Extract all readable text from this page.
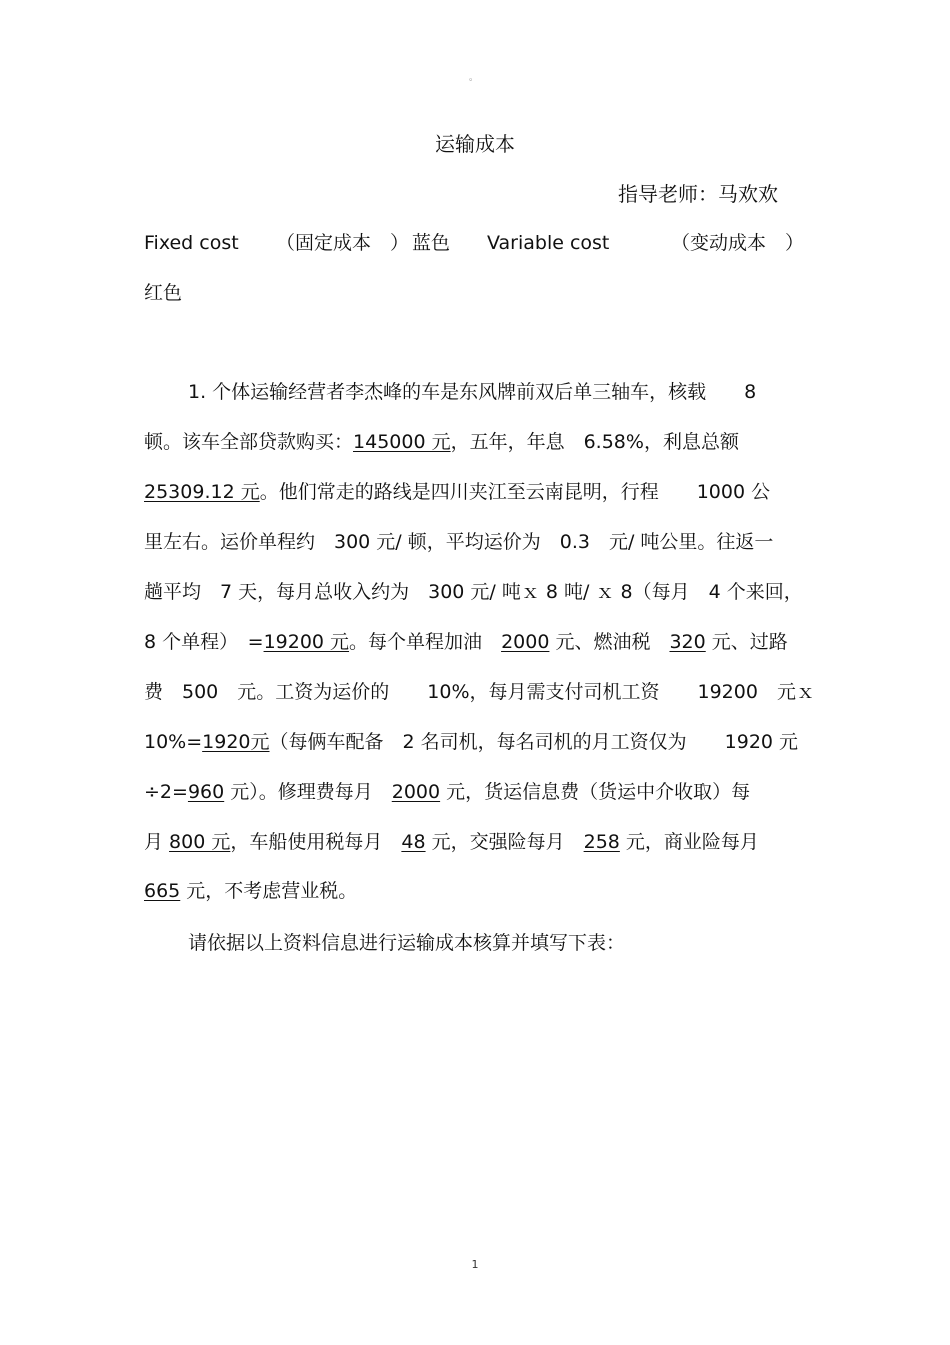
。
运输成本
指导老师：马欢欢
Fixed cost （固定成本　） 蓝色 Variable cost	（变动成本　）
红色
1. 个体运输经营者李杰峰的车是东风牌前双后单三轴车，核载　　8
顿。该车全部贷款购买：145000 元，五年，年息　6.58%，利息总额
25309.12 元。他们常走的路线是四川夹江至云南昆明，行程　　1000 公
里左右。运价单程约　300 元/ 顿，平均运价为　0.3　元/ 吨公里。往返一
趟平均　7 天，每月总收入约为　300 元/ 吨ｘ 8 吨/ ｘ 8（每月　4 个来回，
8 个单程）　=19200 元。每个单程加油　2000 元、燃油税　320 元、过路
费　500　元。工资为运价的　　10%，每月需支付司机工资　　19200　元ｘ
10%=1920元（每俩车配备　2 名司机，每名司机的月工资仅为　　1920 元
÷2=960 元）。修理费每月　2000 元，货运信息费（货运中介收取）每
月 800 元，车船使用税每月　48 元，交强险每月　258 元，商业险每月
665 元，不考虑营业税。
请依据以上资料信息进行运输成本核算并填写下表：
1
